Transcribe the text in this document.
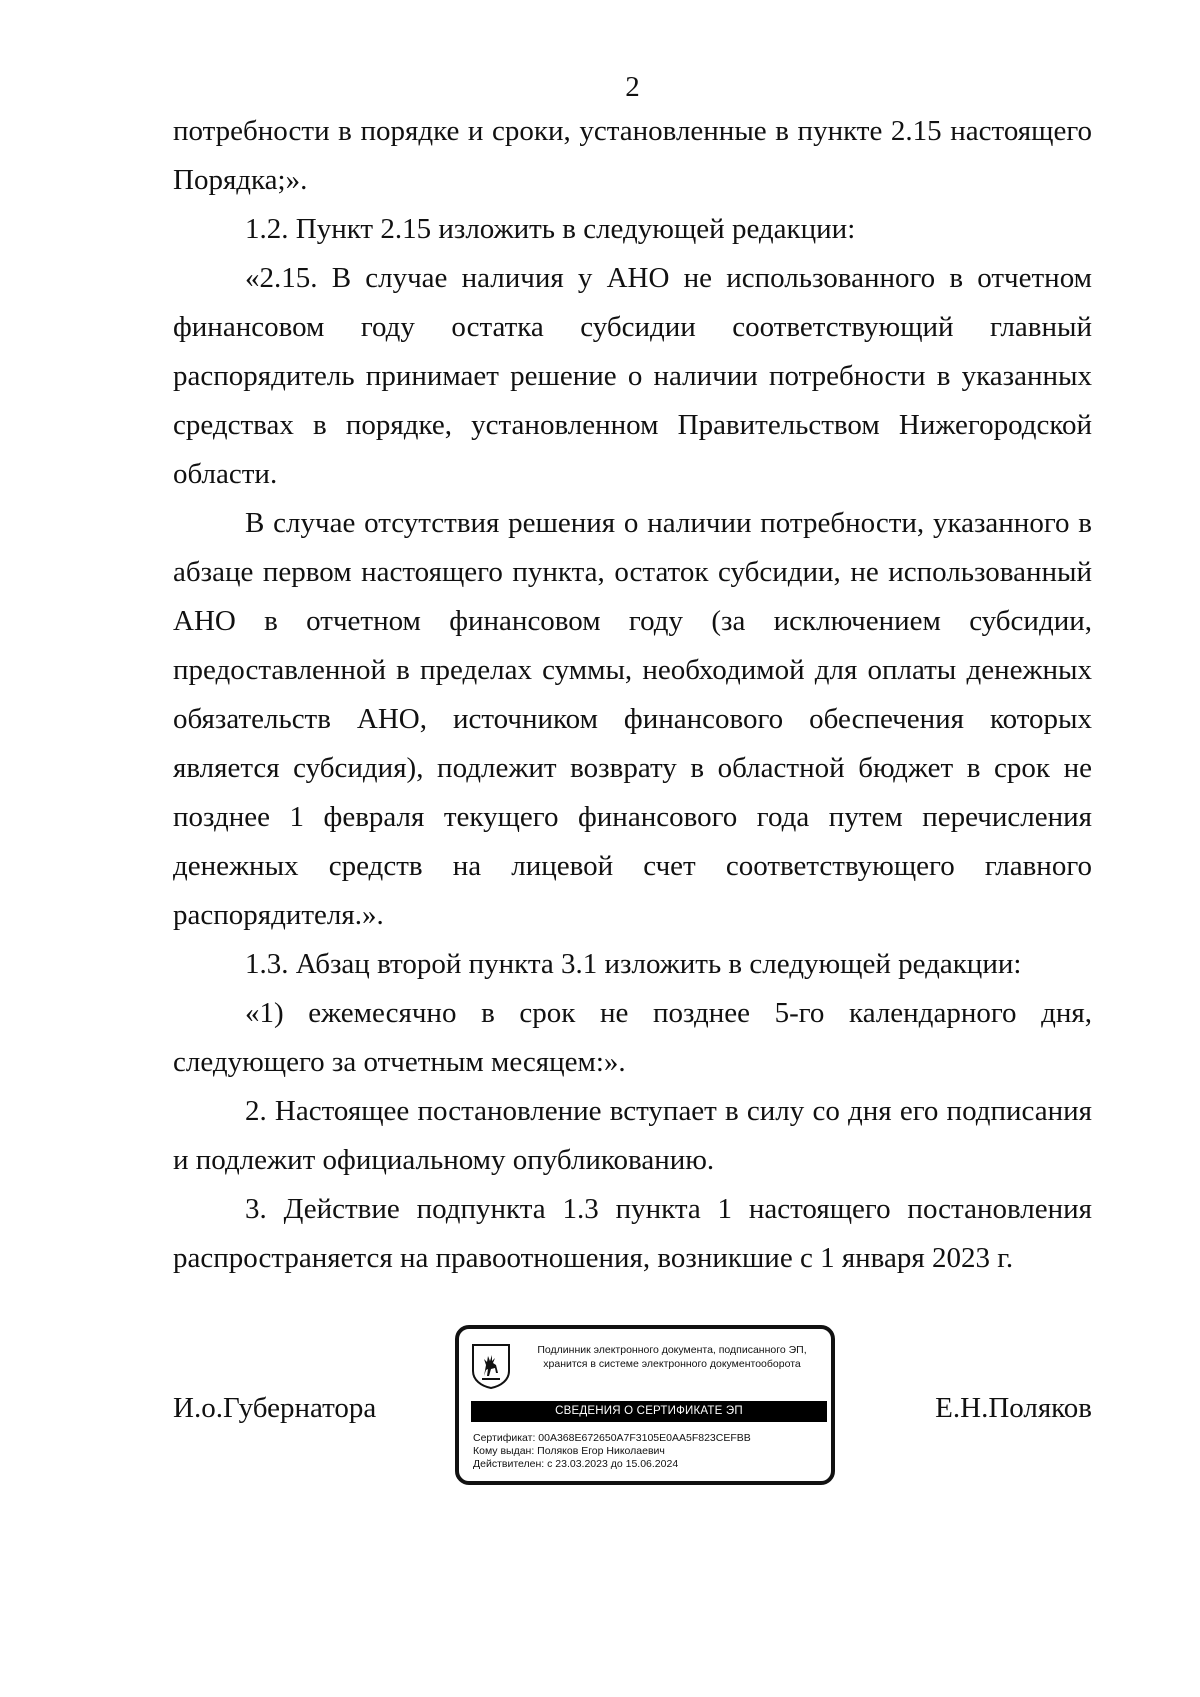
2

потребности в порядке и сроки, установленные в пункте 2.15 настоящего Порядка;».

1.2. Пункт 2.15 изложить в следующей редакции:

«2.15. В случае наличия у АНО не использованного в отчетном финансовом году остатка субсидии соответствующий главный распорядитель принимает решение о наличии потребности в указанных средствах в порядке, установленном Правительством Нижегородской области.

В случае отсутствия решения о наличии потребности, указанного в абзаце первом настоящего пункта, остаток субсидии, не использованный АНО в отчетном финансовом году (за исключением субсидии, предоставленной в пределах суммы, необходимой для оплаты денежных обязательств АНО, источником финансового обеспечения которых является субсидия), подлежит возврату в областной бюджет в срок не позднее 1 февраля текущего финансового года путем перечисления денежных средств на лицевой счет соответствующего главного распорядителя.».

1.3. Абзац второй пункта 3.1 изложить в следующей редакции:

«1) ежемесячно в срок не позднее 5-го календарного дня, следующего за отчетным месяцем:».

2. Настоящее постановление вступает в силу со дня его подписания и подлежит официальному опубликованию.

3. Действие подпункта 1.3 пункта 1 настоящего постановления распространяется на правоотношения, возникшие с 1 января 2023 г.

И.о.Губернатора
Подлинник электронного документа, подписанного ЭП,
хранится в системе электронного документооборота
СВЕДЕНИЯ О СЕРТИФИКАТЕ ЭП
Сертификат: 00A368E672650A7F3105E0AA5F823CEFBB
Кому выдан: Поляков Егор Николаевич
Действителен: с 23.03.2023 до 15.06.2024
Е.Н.Поляков
